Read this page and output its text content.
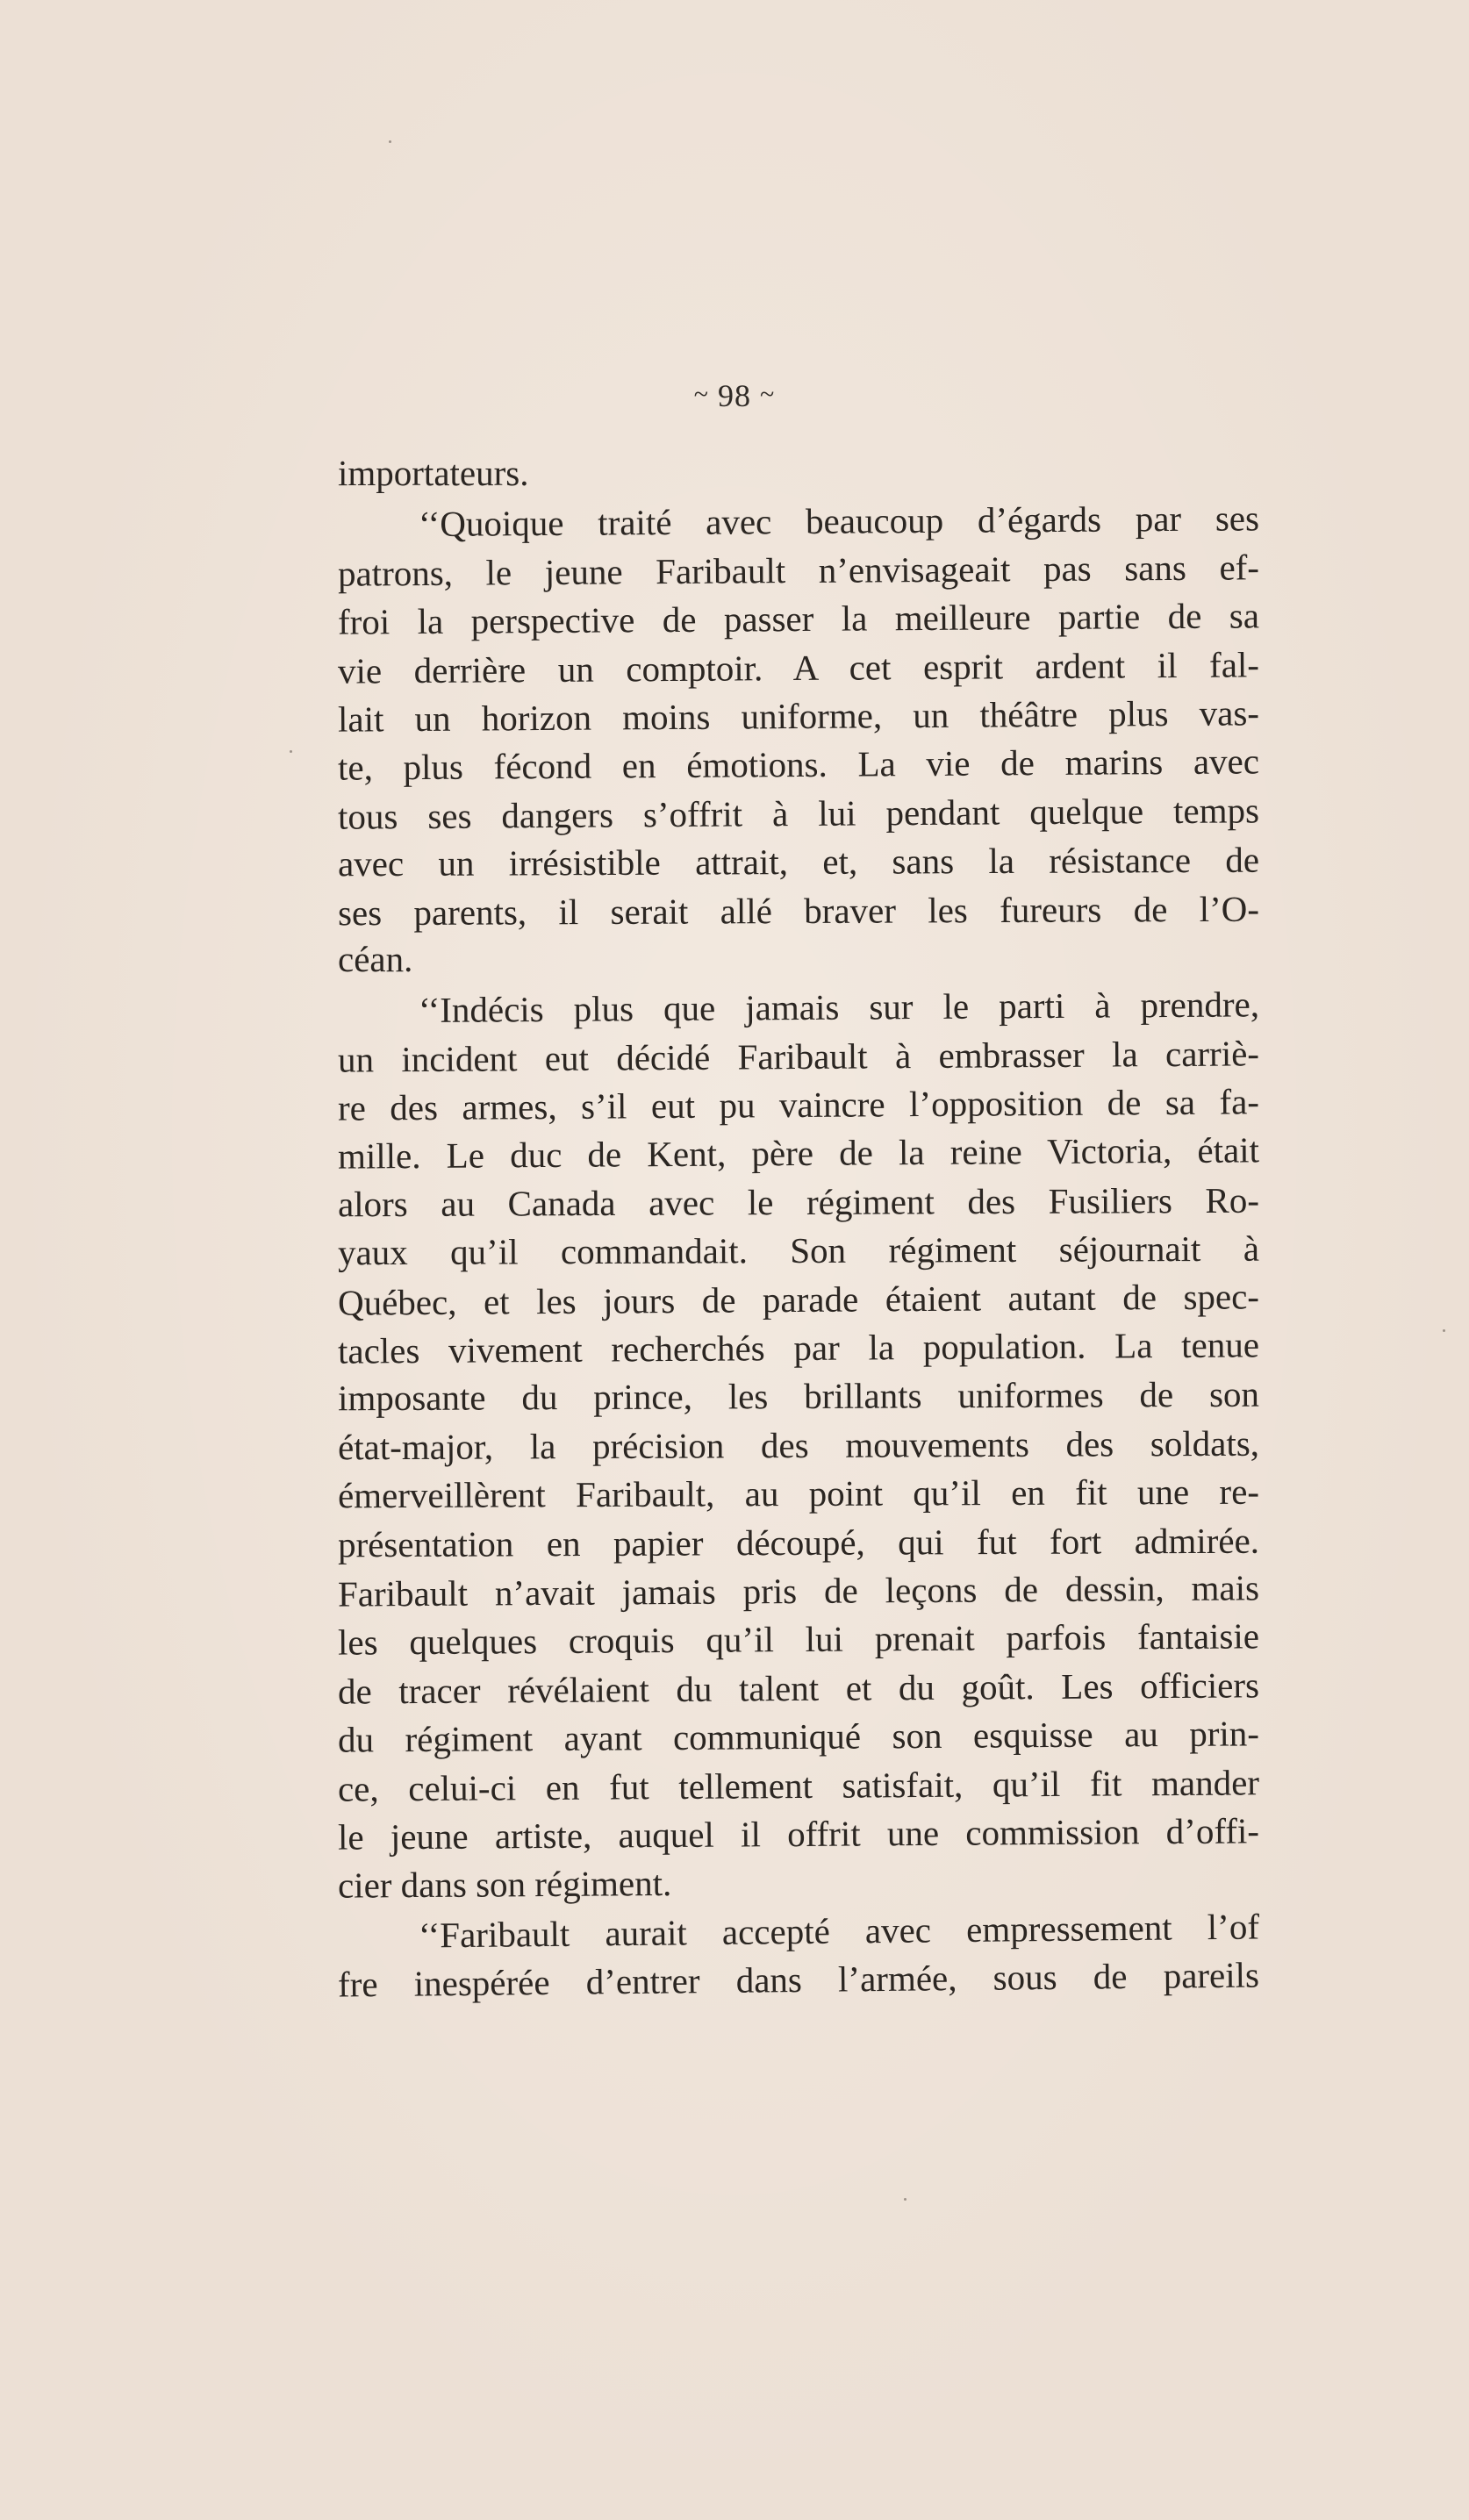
~ 98 ~
importateurs.
‘‘Quoique traité avec beaucoup d’égards par ses
patrons, le jeune Faribault n’envisageait pas sans ef-
froi la perspective de passer la meilleure partie de sa
vie derrière un comptoir. A cet esprit ardent il fal-
lait un horizon moins uniforme, un théâtre plus vas-
te, plus fécond en émotions. La vie de marins avec
tous ses dangers s’offrit à lui pendant quelque temps
avec un irrésistible attrait, et, sans la résistance de
ses parents, il serait allé braver les fureurs de l’O-
céan.
‘‘Indécis plus que jamais sur le parti à prendre,
un incident eut décidé Faribault à embrasser la carriè-
re des armes, s’il eut pu vaincre l’opposition de sa fa-
mille. Le duc de Kent, père de la reine Victoria, était
alors au Canada avec le régiment des Fusiliers Ro-
yaux qu’il commandait. Son régiment séjournait à
Québec, et les jours de parade étaient autant de spec-
tacles vivement recherchés par la population. La tenue
imposante du prince, les brillants uniformes de son
état-major, la précision des mouvements des soldats,
émerveillèrent Faribault, au point qu’il en fit une re-
présentation en papier découpé, qui fut fort admirée.
Faribault n’avait jamais pris de leçons de dessin, mais
les quelques croquis qu’il lui prenait parfois fantaisie
de tracer révélaient du talent et du goût. Les officiers
du régiment ayant communiqué son esquisse au prin-
ce, celui-ci en fut tellement satisfait, qu’il fit mander
le jeune artiste, auquel il offrit une commission d’offi-
cier dans son régiment.
‘‘Faribault aurait accepté avec empressement l’of
fre inespérée d’entrer dans l’armée, sous de pareils
